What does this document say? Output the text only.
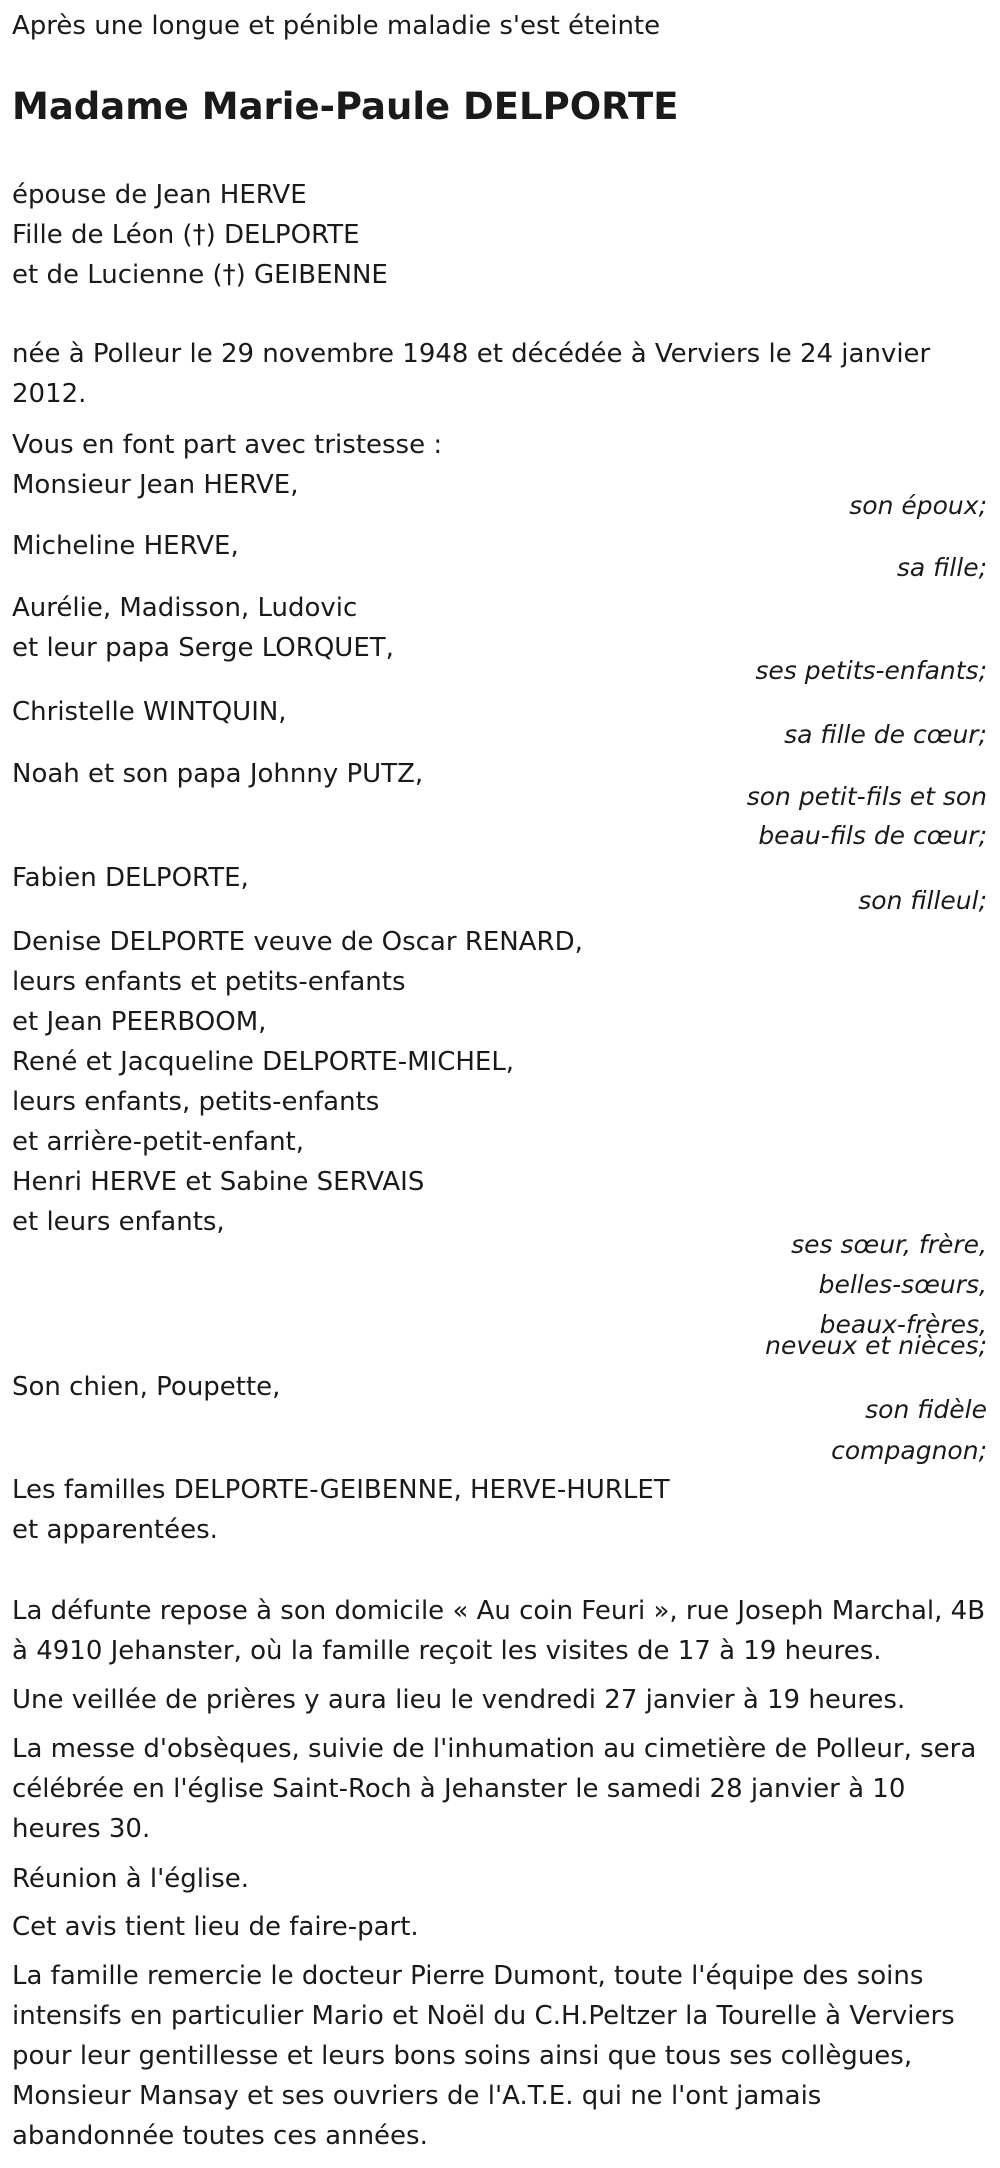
Après une longue et pénible maladie s'est éteinte
Madame Marie-Paule DELPORTE
épouse de Jean HERVE
Fille de Léon (†) DELPORTE
et de Lucienne (†) GEIBENNE
née à Polleur le 29 novembre 1948 et décédée à Verviers le 24 janvier 2012.
Vous en font part avec tristesse :
Monsieur Jean HERVE,
son époux;
Micheline HERVE,
sa fille;
Aurélie, Madisson, Ludovic
et leur papa Serge LORQUET,
ses petits-enfants;
Christelle WINTQUIN,
sa fille de cœur;
Noah et son papa Johnny PUTZ,
son petit-fils et son
beau-fils de cœur;
Fabien DELPORTE,
son filleul;
Denise DELPORTE veuve de Oscar RENARD,
leurs enfants et petits-enfants
et Jean PEERBOOM,
René et Jacqueline DELPORTE-MICHEL,
leurs enfants, petits-enfants
et arrière-petit-enfant,
Henri HERVE et Sabine SERVAIS
et leurs enfants,
ses sœur, frère,
belles-sœurs,
beaux-frères,
neveux et nièces;
Son chien, Poupette,
son fidèle
compagnon;
Les familles DELPORTE-GEIBENNE, HERVE-HURLET
et apparentées.
La défunte repose à son domicile « Au coin Feuri », rue Joseph Marchal, 4B à 4910 Jehanster, où la famille reçoit les visites de 17 à 19 heures.
Une veillée de prières y aura lieu le vendredi 27 janvier à 19 heures.
La messe d'obsèques, suivie de l'inhumation au cimetière de Polleur, sera célébrée en l'église Saint-Roch à Jehanster le samedi 28 janvier à 10 heures 30.
Réunion à l'église.
Cet avis tient lieu de faire-part.
La famille remercie le docteur Pierre Dumont, toute l'équipe des soins intensifs en particulier Mario et Noël du C.H.Peltzer la Tourelle à Verviers pour leur gentillesse et leurs bons soins ainsi que tous ses collègues, Monsieur Mansay et ses ouvriers de l'A.T.E. qui ne l'ont jamais abandonnée toutes ces années.
